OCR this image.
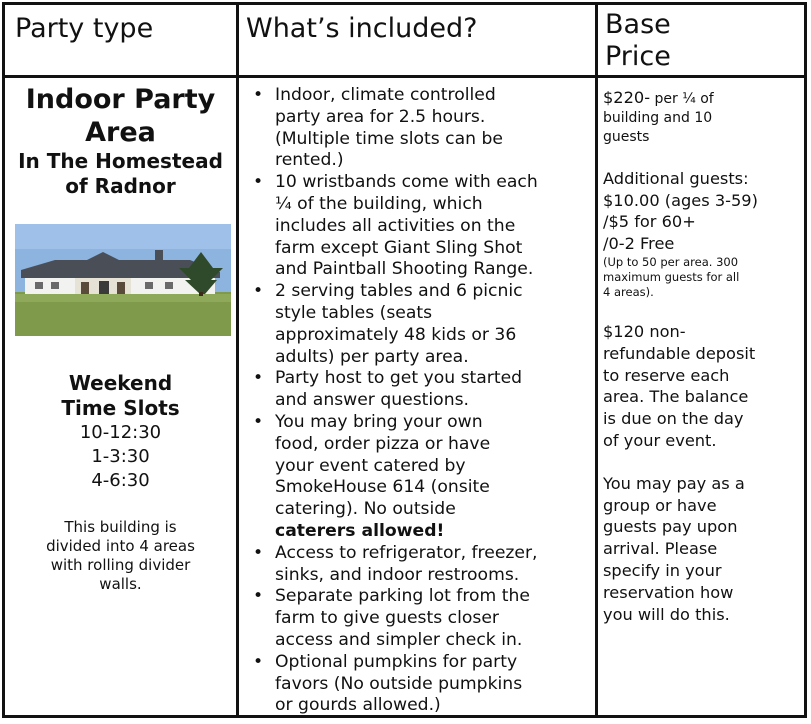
Party type	What’s included?	Base
Price
Indoor Party
Area
In The Homestead
of Radnor
Weekend
Time Slots
10-12:30
1-3:30
4-6:30
This building is
divided into 4 areas
with rolling divider
walls.
• Indoor, climate controlled
party area for 2.5 hours.
(Multiple time slots can be
rented.)
• 10 wristbands come with each
¼ of the building, which
includes all activities on the
farm except Giant Sling Shot
and Paintball Shooting Range.
• 2 serving tables and 6 picnic
style tables (seats
approximately 48 kids or 36
adults) per party area.
• Party host to get you started
and answer questions.
• You may bring your own
food, order pizza or have
your event catered by
SmokeHouse 614 (onsite
catering). No outside
caterers allowed!
• Access to refrigerator, freezer,
sinks, and indoor restrooms.
• Separate parking lot from the
farm to give guests closer
access and simpler check in.
• Optional pumpkins for party
favors (No outside pumpkins
or gourds allowed.)
$220- per ¼ of
building and 10
guests
Additional guests:
$10.00 (ages 3-59)
/$5 for 60+
/0-2 Free
(Up to 50 per area. 300
maximum guests for all
4 areas).
$120 non-
refundable deposit
to reserve each
area. The balance
is due on the day
of your event.
You may pay as a
group or have
guests pay upon
arrival. Please
specify in your
reservation how
you will do this.
